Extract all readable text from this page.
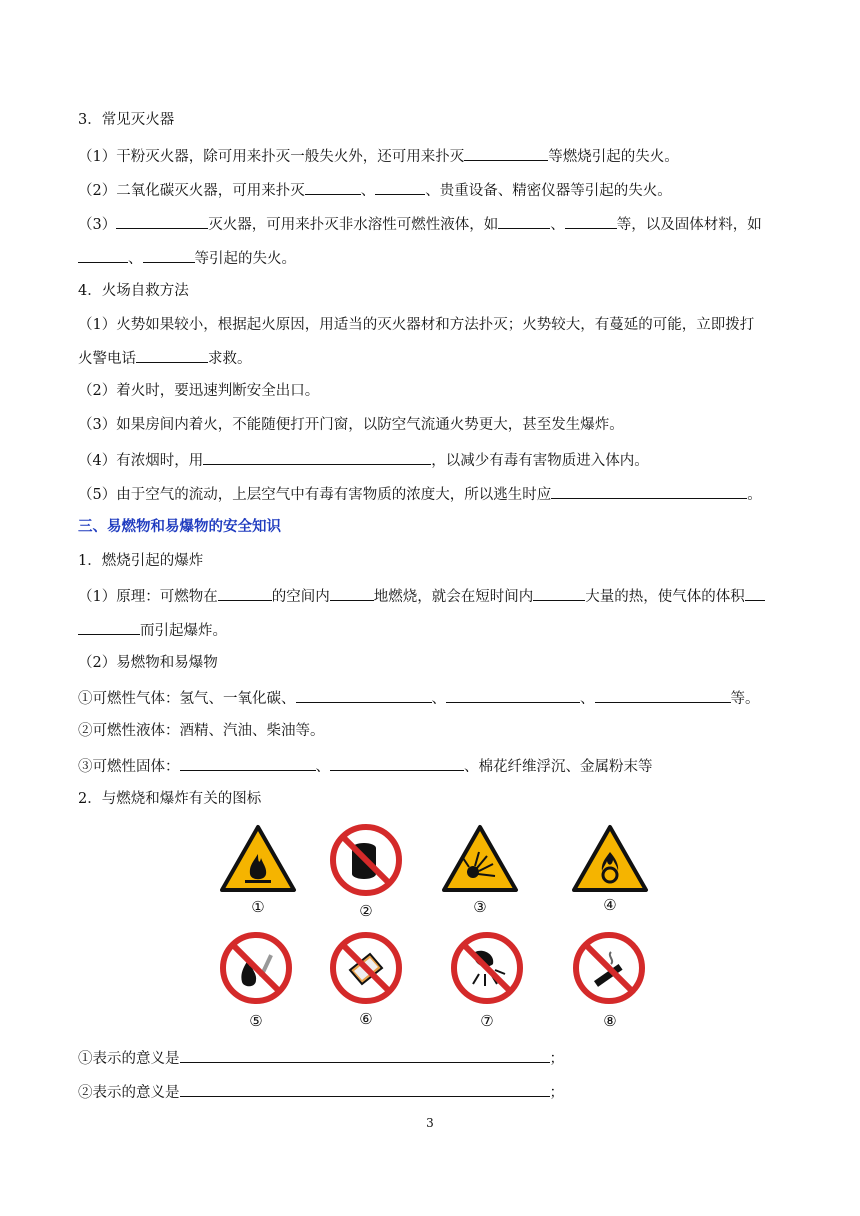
3．常见灭火器
（1）干粉灭火器，除可用来扑灭一般失火外，还可用来扑灭	等燃烧引起的失火。
（2）二氧化碳灭火器，可用来扑灭	、	、贵重设备、精密仪器等引起的失火。
（3）	灭火器，可用来扑灭非水溶性可燃性液体，如	、	等，以及固体材料，如
、	等引起的失火。
4．火场自救方法
（1）火势如果较小，根据起火原因，用适当的灭火器材和方法扑灭；火势较大，有蔓延的可能，立即拨打
火警电话	求救。
（2）着火时，要迅速判断安全出口。
（3）如果房间内着火，不能随便打开门窗，以防空气流通火势更大，甚至发生爆炸。
（4）有浓烟时，用	，以减少有毒有害物质进入体内。
（5）由于空气的流动，上层空气中有毒有害物质的浓度大，所以逃生时应	。
三、易燃物和易爆物的安全知识
1．燃烧引起的爆炸
（1）原理：可燃物在	的空间内	地燃烧，就会在短时间内	大量的热，使气体的体积
而引起爆炸。
（2）易燃物和易爆物
①可燃性气体：氢气、一氧化碳、	、	、	等。
②可燃性液体：酒精、汽油、柴油等。
③可燃性固体：	、	、棉花纤维浮沉、金属粉末等
2．与燃烧和爆炸有关的图标
①	②	③	④
⑤	⑥	⑦	⑧
①表示的意义是	；
②表示的意义是	；
3
